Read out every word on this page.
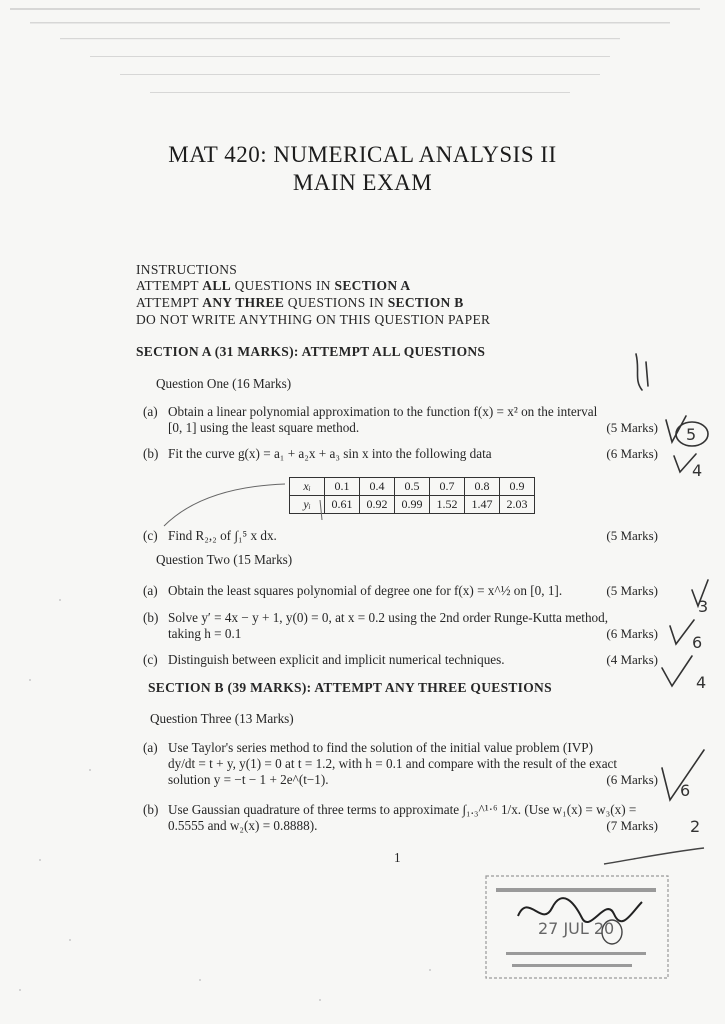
MAT 420: NUMERICAL ANALYSIS II
MAIN EXAM
INSTRUCTIONS
ATTEMPT ALL QUESTIONS IN SECTION A
ATTEMPT ANY THREE QUESTIONS IN SECTION B
DO NOT WRITE ANYTHING ON THIS QUESTION PAPER
SECTION A (31 MARKS): ATTEMPT ALL QUESTIONS
Question One (16 Marks)
(a) Obtain a linear polynomial approximation to the function f(x) = x² on the interval
[0, 1] using the least square method.	(5 Marks)
(b) Fit the curve g(x) = a₁ + a₂x + a₃ sin x into the following data	(6 Marks)
xᵢ	0.1	0.4	0.5	0.7	0.8	0.9
yᵢ	0.61	0.92	0.99	1.52	1.47	2.03
(c) Find R₂,₂ of ∫₁⁵ x dx.	(5 Marks)
Question Two (15 Marks)
(a) Obtain the least squares polynomial of degree one for f(x) = x^½ on [0, 1].	(5 Marks)
(b) Solve y′ = 4x − y + 1, y(0) = 0, at x = 0.2 using the 2nd order Runge-Kutta method,
taking h = 0.1	(6 Marks)
(c) Distinguish between explicit and implicit numerical techniques.	(4 Marks)
SECTION B (39 MARKS): ATTEMPT ANY THREE QUESTIONS
Question Three (13 Marks)
(a) Use Taylor's series method to find the solution of the initial value problem (IVP)
dy/dt = t + y, y(1) = 0 at t = 1.2, with h = 0.1 and compare with the result of the exact
solution y = −t − 1 + 2e^(t−1).	(6 Marks)
(b) Use Gaussian quadrature of three terms to approximate ∫₁.₃^¹·⁶ 1/x. (Use w₁(x) = w₃(x) =
0.5555 and w₂(x) = 0.8888).	(7 Marks)
1
5
4
3
6
4
6
2
27 JUL 20
